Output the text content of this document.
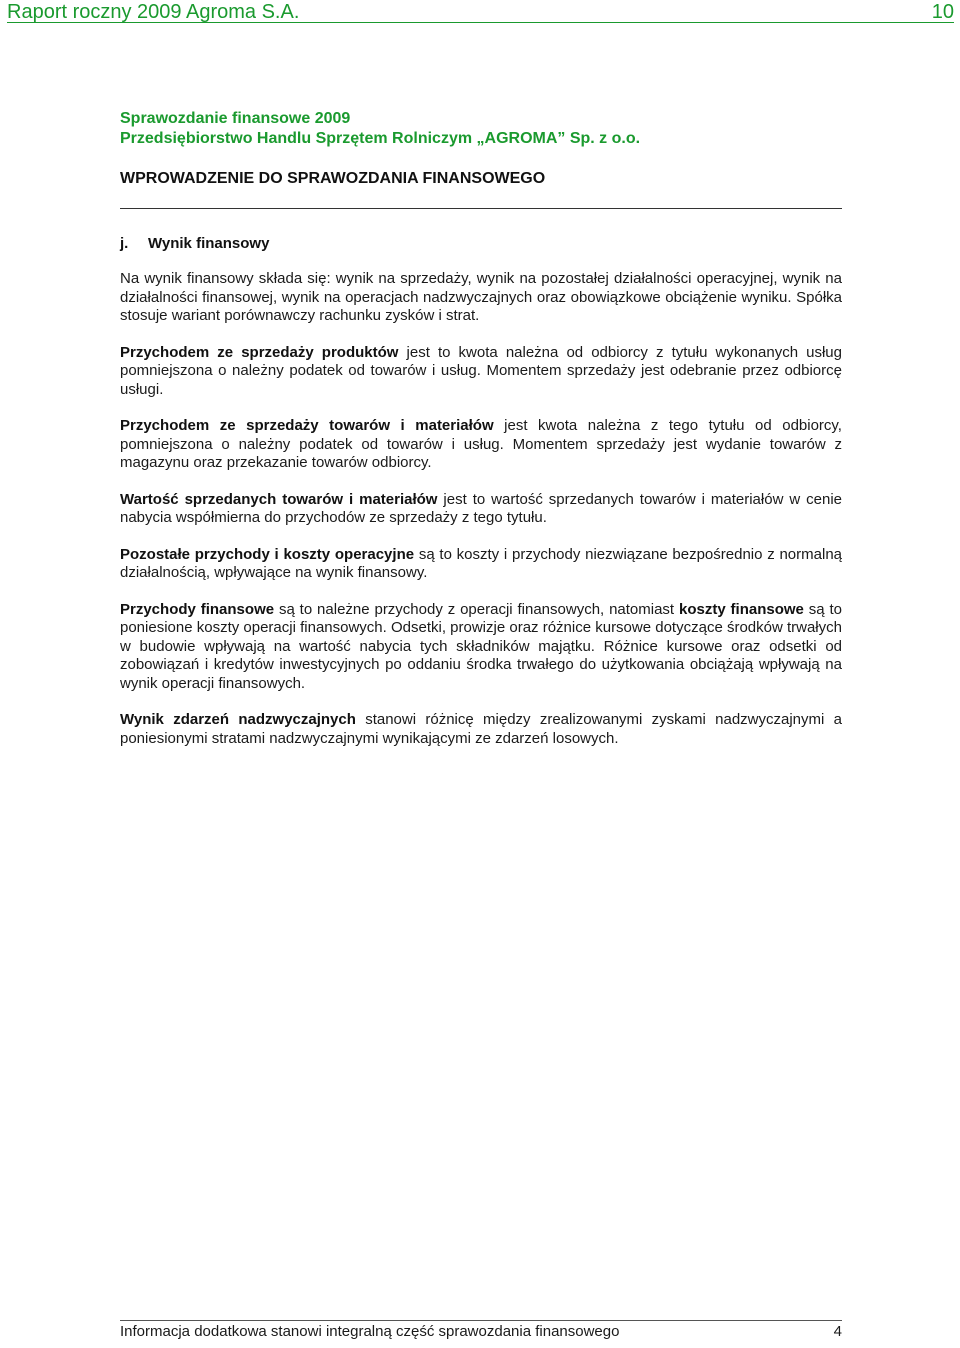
Raport roczny 2009 Agroma S.A.	10

Sprawozdanie finansowe 2009

Przedsiębiorstwo Handlu Sprzętem Rolniczym „AGROMA” Sp. z o.o.

WPROWADZENIE DO SPRAWOZDANIA FINANSOWEGO

j. Wynik finansowy

Na wynik finansowy składa się: wynik na sprzedaży, wynik na pozostałej działalności operacyjnej, wynik na działalności finansowej, wynik na operacjach nadzwyczajnych oraz obowiązkowe obciążenie wyniku. Spółka stosuje wariant porównawczy rachunku zysków i strat.

Przychodem ze sprzedaży produktów jest to kwota należna od odbiorcy z tytułu wykonanych usług pomniejszona o należny podatek od towarów i usług. Momentem sprzedaży jest odebranie przez odbiorcę usługi.

Przychodem ze sprzedaży towarów i materiałów jest kwota należna z tego tytułu od odbiorcy, pomniejszona o należny podatek od towarów i usług. Momentem sprzedaży jest wydanie towarów z magazynu oraz przekazanie towarów odbiorcy.

Wartość sprzedanych towarów i materiałów jest to wartość sprzedanych towarów i materiałów w cenie nabycia współmierna do przychodów ze sprzedaży z tego tytułu.

Pozostałe przychody i koszty operacyjne są to koszty i przychody niezwiązane bezpośrednio z normalną działalnością, wpływające na wynik finansowy.

Przychody finansowe są to należne przychody z operacji finansowych, natomiast koszty finansowe są to poniesione koszty operacji finansowych. Odsetki, prowizje oraz różnice kursowe dotyczące środków trwałych w budowie wpływają na wartość nabycia tych składników majątku. Różnice kursowe oraz odsetki od zobowiązań i kredytów inwestycyjnych po oddaniu środka trwałego do użytkowania obciążają wpływają na wynik operacji finansowych.

Wynik zdarzeń nadzwyczajnych stanowi różnicę między zrealizowanymi zyskami nadzwyczajnymi a poniesionymi stratami nadzwyczajnymi wynikającymi ze zdarzeń losowych.

Informacja dodatkowa stanowi integralną część sprawozdania finansowego	4
